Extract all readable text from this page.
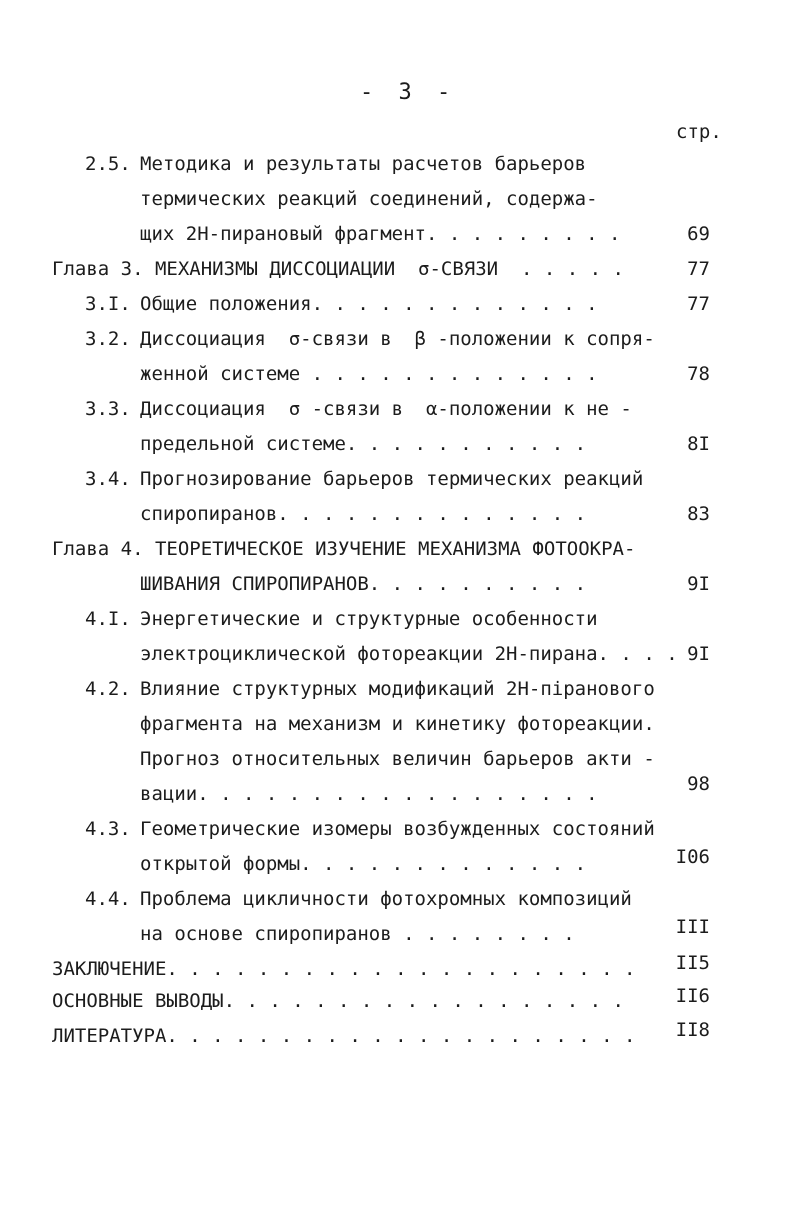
- 3 -
стр.
2.5. Методика и результаты расчетов барьеров
термических реакций соединений, содержа-
щих 2Н-пирановый фрагмент. . . . . . . . .	69
Глава 3. МЕХАНИЗМЫ ДИССОЦИАЦИИ  σ-СВЯЗИ  . . . . .	77
3.I. Общие положения. . . . . . . . . . . . .	77
3.2. Диссоциация  σ-связи в  β -положении к сопря-
женной системе . . . . . . . . . . . . .	78
3.3. Диссоциация  σ -связи в  α-положении к не -
предельной системе. . . . . . . . . . .	8I
3.4. Прогнозирование барьеров термических реакций
спиропиранов. . . . . . . . . . . . . .	83
Глава 4. ТЕОРЕТИЧЕСКОЕ ИЗУЧЕНИЕ МЕХАНИЗМА ФОТООКРА-
ШИВАНИЯ СПИРОПИРАНОВ. . . . . . . . . .	9I
4.I. Энергетические и структурные особенности
электроциклической фотореакции 2Н-пирана. . . . 9I
4.2. Влияние структурных модификаций 2Н-піранового
фрагмента на механизм и кинетику фотореакции.
Прогноз относительных величин барьеров акти -
вации. . . . . . . . . . . . . . . . . .	98
4.3. Геометрические изомеры возбужденных состояний
открытой формы. . . . . . . . . . . . .	I06
4.4. Проблема цикличности фотохромных композиций
на основе спиропиранов . . . . . . . .	III
ЗАКЛЮЧЕНИЕ. . . . . . . . . . . . . . . . . . . . .	II5
ОСНОВНЫЕ ВЫВОДЫ. . . . . . . . . . . . . . . . . .	II6
ЛИТЕРАТУРА. . . . . . . . . . . . . . . . . . . . .	II8
